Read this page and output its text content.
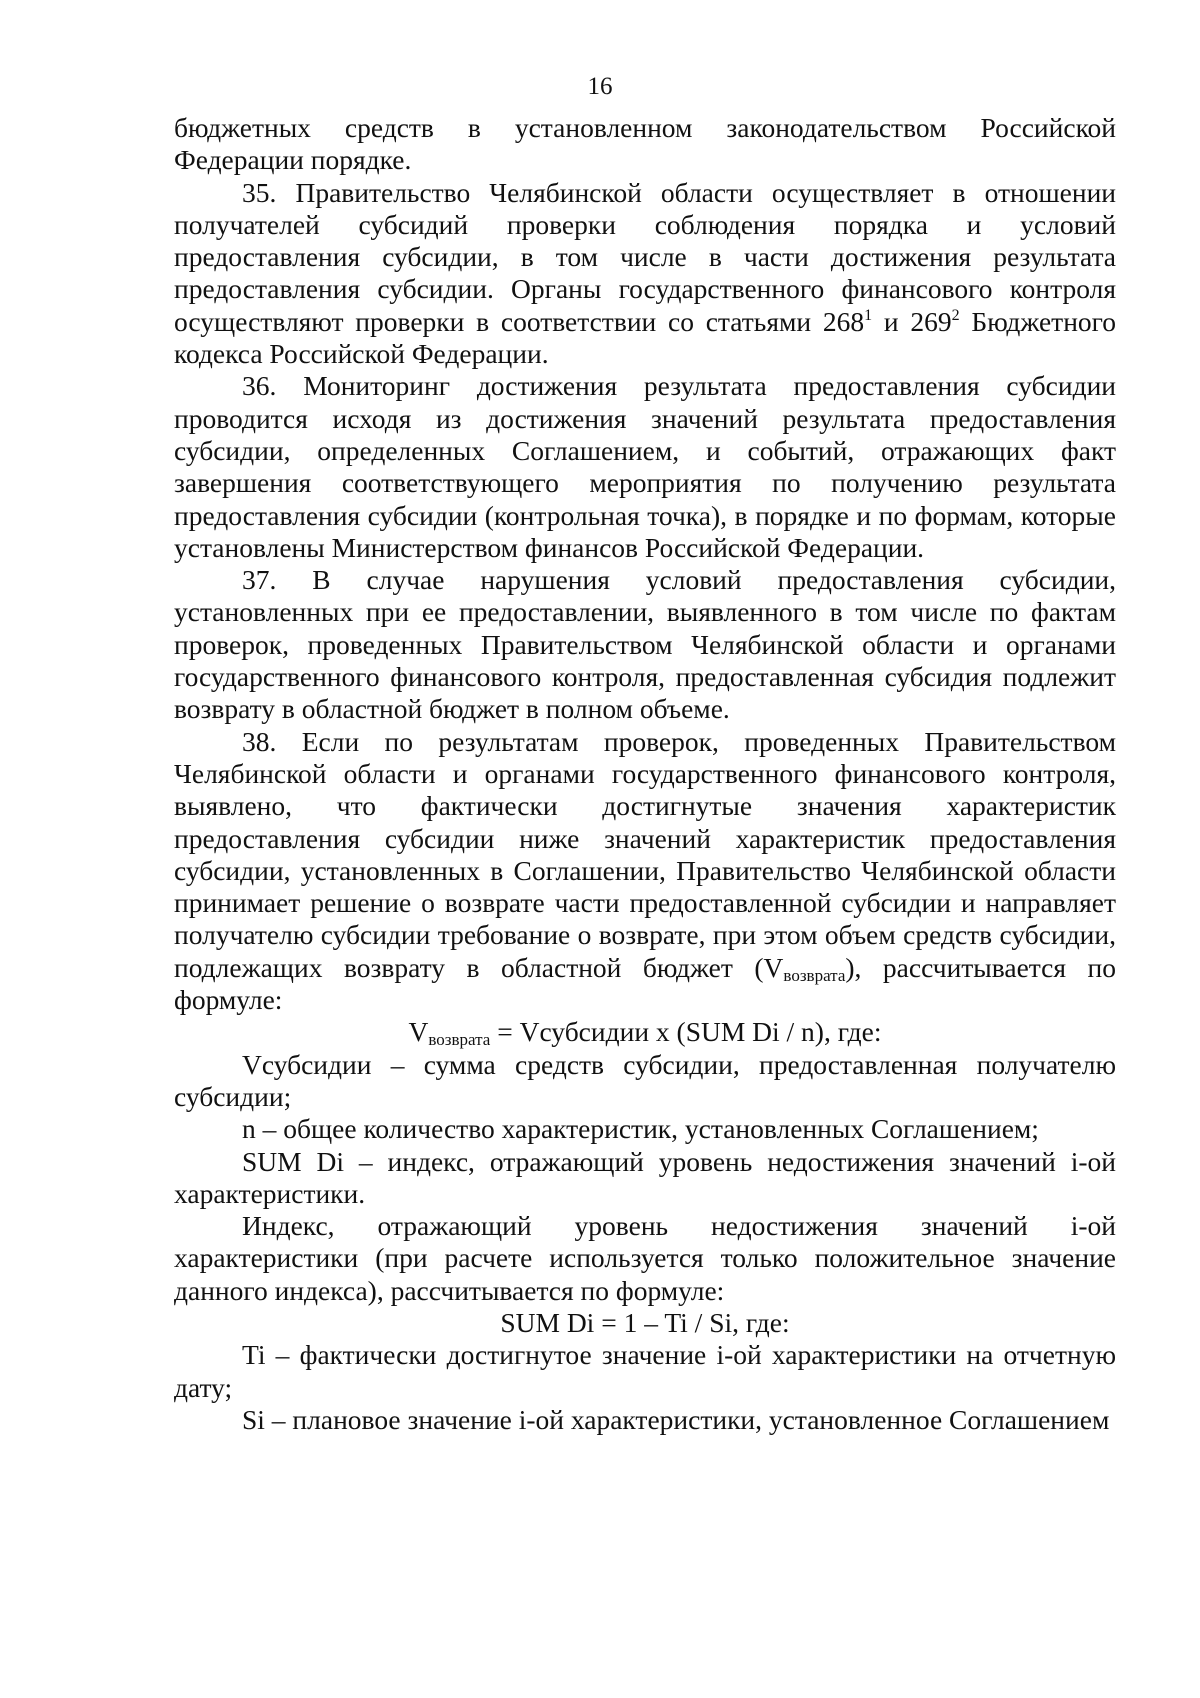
16

бюджетных средств в установленном законодательством Российской Федерации порядке.

35. Правительство Челябинской области осуществляет в отношении получателей субсидий проверки соблюдения порядка и условий предоставления субсидии, в том числе в части достижения результата предоставления субсидии. Органы государственного финансового контроля осуществляют проверки в соответствии со статьями $268^1$ и $269^2$ Бюджетного кодекса Российской Федерации.

36. Мониторинг достижения результата предоставления субсидии проводится исходя из достижения значений результата предоставления субсидии, определенных Соглашением, и событий, отражающих факт завершения соответствующего мероприятия по получению результата предоставления субсидии (контрольная точка), в порядке и по формам, которые установлены Министерством финансов Российской Федерации.

37. В случае нарушения условий предоставления субсидии, установленных при ее предоставлении, выявленного в том числе по фактам проверок, проведенных Правительством Челябинской области и органами государственного финансового контроля, предоставленная субсидия подлежит возврату в областной бюджет в полном объеме.

38. Если по результатам проверок, проведенных Правительством Челябинской области и органами государственного финансового контроля, выявлено, что фактически достигнутые значения характеристик предоставления субсидии ниже значений характеристик предоставления субсидии, установленных в Соглашении, Правительство Челябинской области принимает решение о возврате части предоставленной субсидии и направляет получателю субсидии требование о возврате, при этом объем средств субсидии, подлежащих возврату в областной бюджет $(V_{возврата})$, рассчитывается по формуле:

$V_{возврата}$ = Vсубсидии x (SUM Di / n), где:

Vсубсидии – сумма средств субсидии, предоставленная получателю субсидии;

n – общее количество характеристик, установленных Соглашением;

SUM Di – индекс, отражающий уровень недостижения значений i-ой характеристики.

Индекс, отражающий уровень недостижения значений i-ой характеристики (при расчете используется только положительное значение данного индекса), рассчитывается по формуле:

SUM Di = 1 – Ti / Si, где:

Ti – фактически достигнутое значение i-ой характеристики на отчетную дату;

Si – плановое значение i-ой характеристики, установленное Соглашением
